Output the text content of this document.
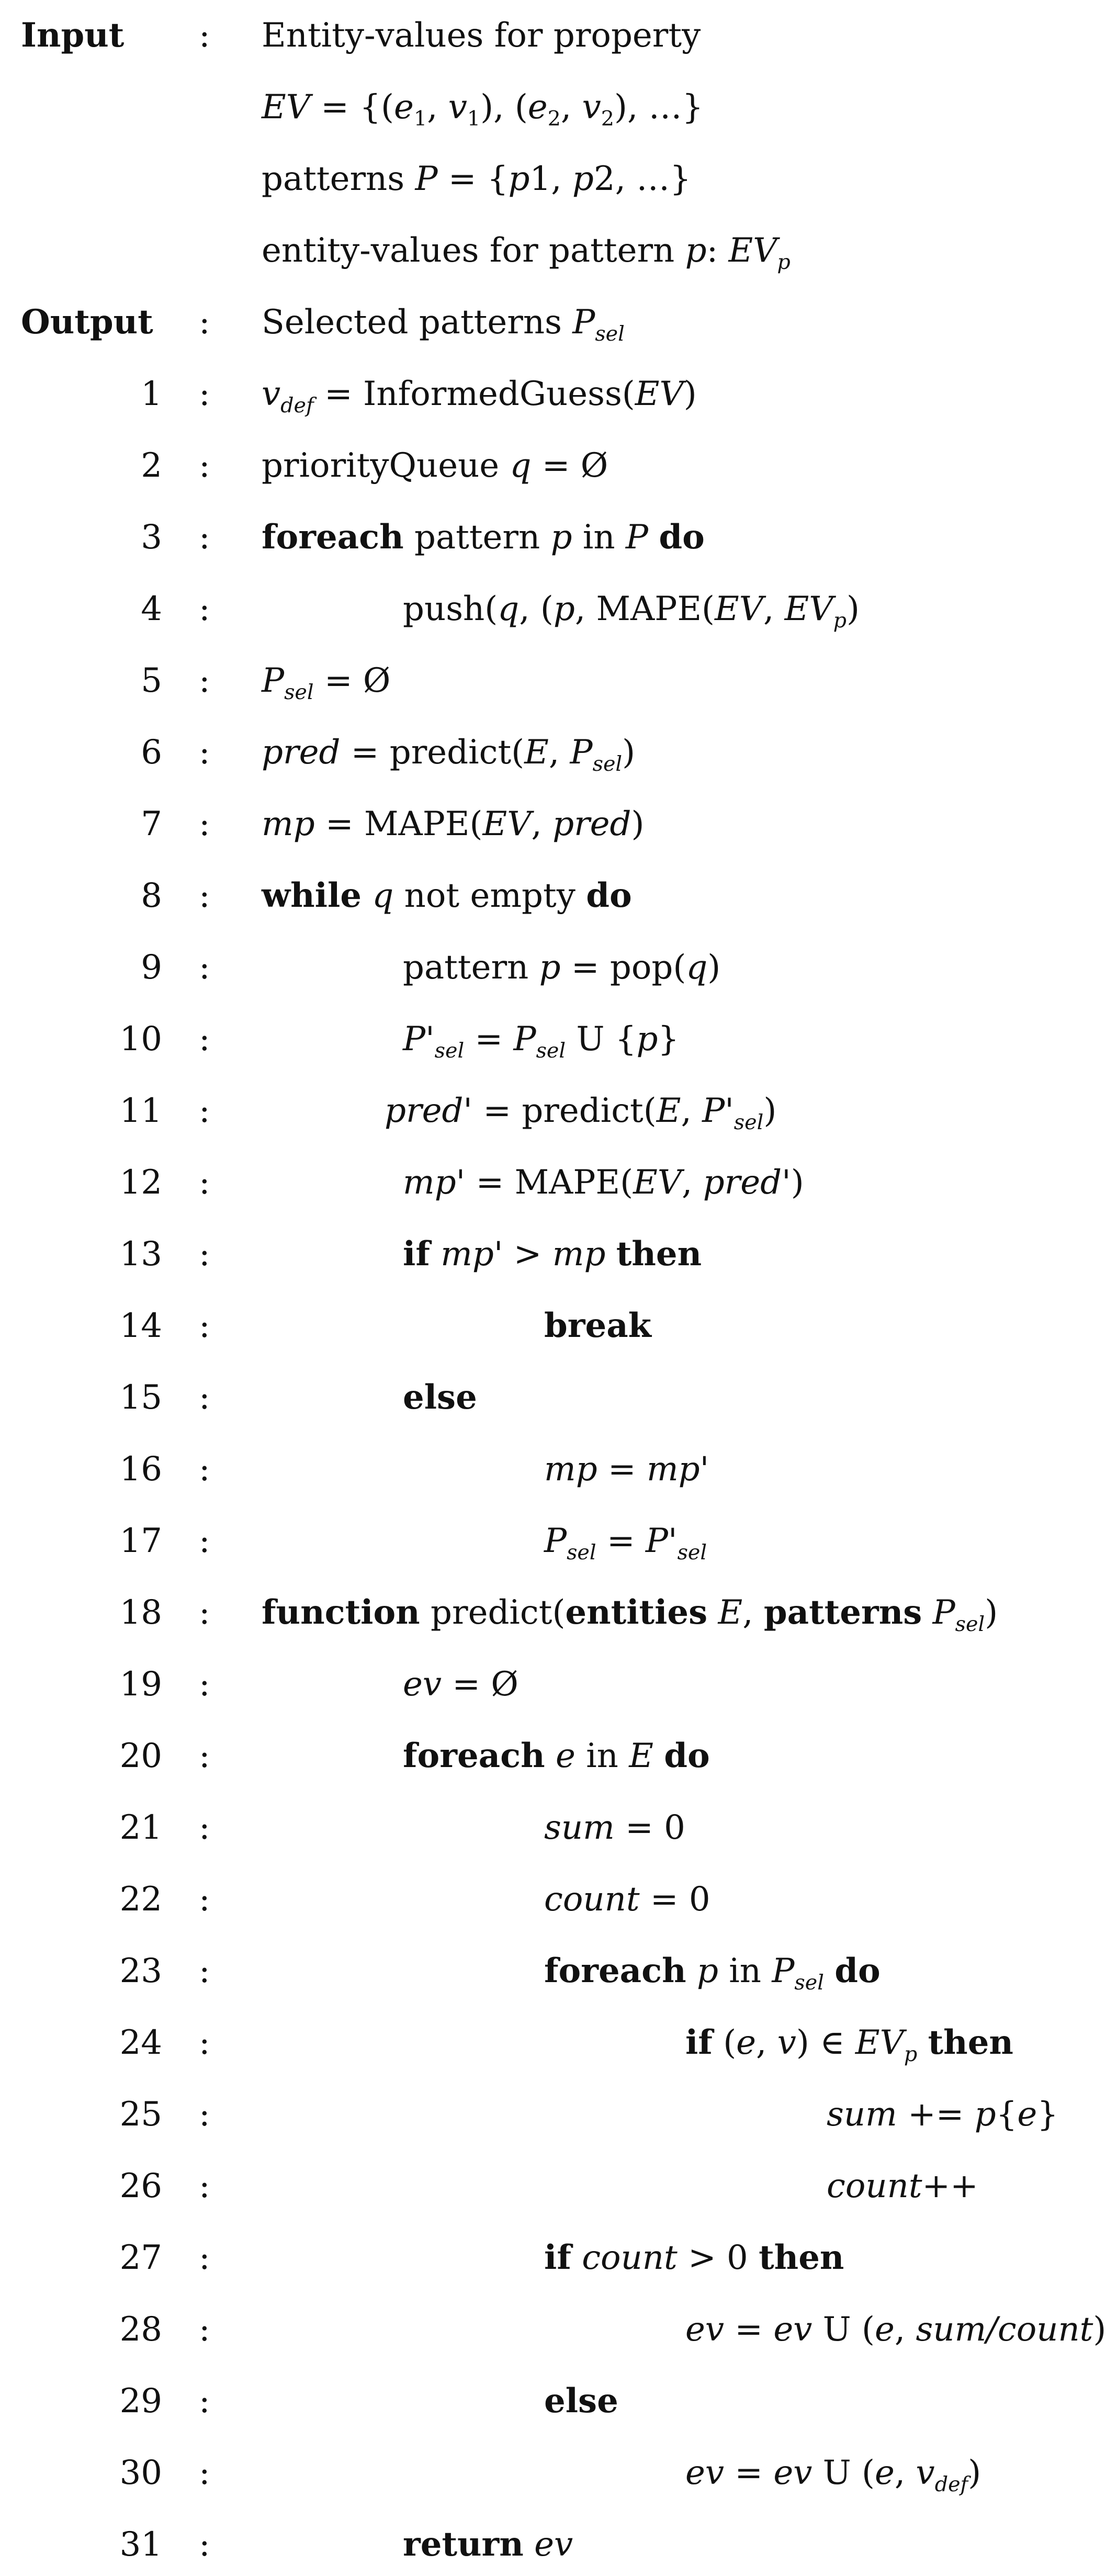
Input : Entity-values for property
EV = {($e_1$, $v_1$), ($e_2$, $v_2$), …}
patterns P = {p1, p2, …}
entity-values for pattern p: $EV_p$
Output : Selected patterns $P_{sel}$
1 : $v_{def}$ = InformedGuess(EV)
2 : priorityQueue q = Ø
3 : foreach pattern p in P do
4 :	push(q, (p, MAPE(EV, $EV_p$)
5 : $P_{sel}$ = Ø
6 : pred = predict(E, $P_{sel}$)
7 : mp = MAPE(EV, pred)
8 : while q not empty do
9 :	pattern p = pop(q)
10 :	$P'_{sel} = P_{sel}$ U {p}
11 :	pred' = predict(E, $P'_{sel}$)
12 :	mp' = MAPE(EV, pred')
13 :	if mp' > mp then
14 :	break
15 :	else
16 :	mp = mp'
17 :	$P_{sel} = P'_{sel}$
18 : function predict(entities E, patterns $P_{sel}$)
19 :	ev = Ø
20 :	foreach e in E do
21 :	sum = 0
22 :	count = 0
23 :	foreach p in $P_{sel}$ do
24 :	if (e, v) ∈ $EV_p$ then
25 :	sum += p{e}
26 :	count++
27 :	if count > 0 then
28 :	ev = ev U (e, sum/count)
29 :	else
30 :	ev = ev U (e, $v_{def}$)
31 :	return ev
